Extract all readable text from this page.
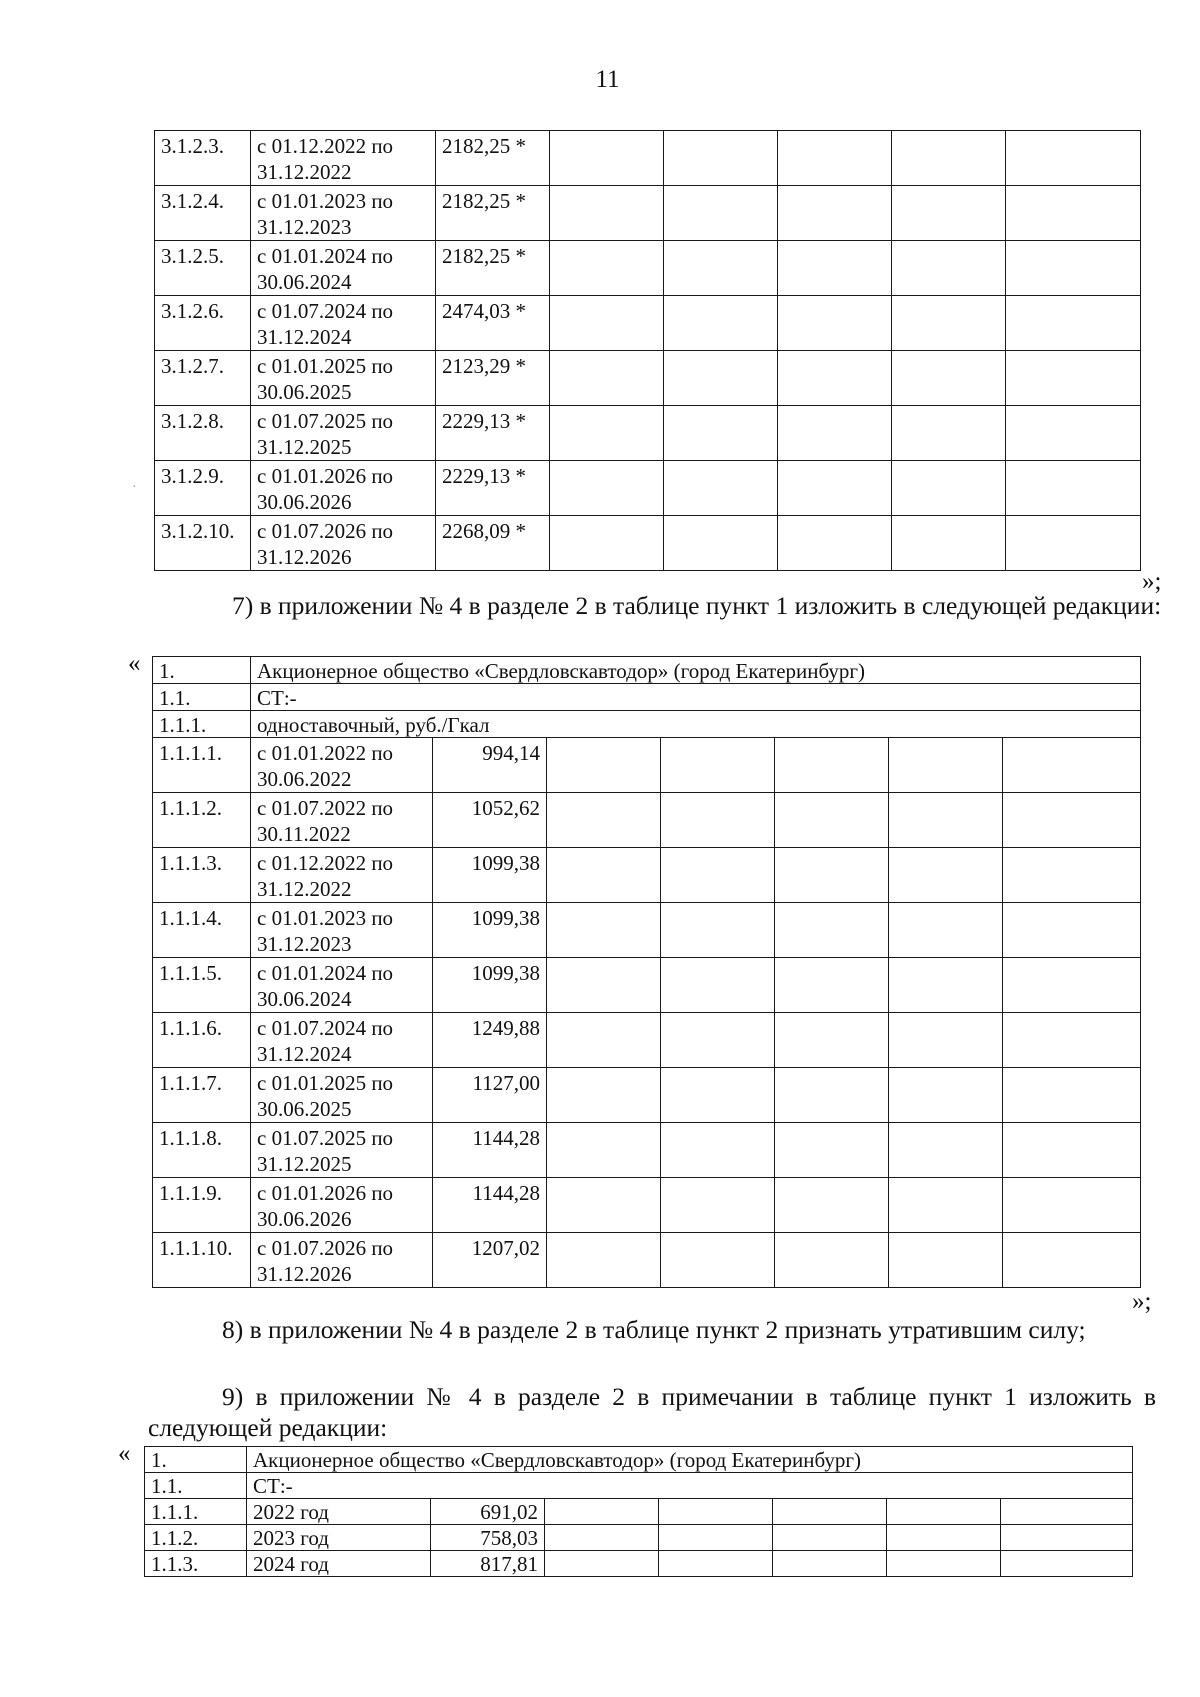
11
3.1.2.3.	с 01.12.2022 по 31.12.2022	2182,25 *					
3.1.2.4.	с 01.01.2023 по 31.12.2023	2182,25 *					
3.1.2.5.	с 01.01.2024 по 30.06.2024	2182,25 *					
3.1.2.6.	с 01.07.2024 по 31.12.2024	2474,03 *					
3.1.2.7.	с 01.01.2025 по 30.06.2025	2123,29 *					
3.1.2.8.	с 01.07.2025 по 31.12.2025	2229,13 *					
3.1.2.9.	с 01.01.2026 по 30.06.2026	2229,13 *					
3.1.2.10.	с 01.07.2026 по 31.12.2026	2268,09 *					
»;
7) в приложении № 4 в разделе 2 в таблице пункт 1 изложить в следующей редакции:
« 1.	Акционерное общество «Свердловскавтодор» (город Екатеринбург)						
1.1.	СТ:-						
1.1.1.	одноставочный, руб./Гкал						
1.1.1.1.	с 01.01.2022 по 30.06.2022	994,14					
1.1.1.2.	с 01.07.2022 по 30.11.2022	1052,62					
1.1.1.3.	с 01.12.2022 по 31.12.2022	1099,38					
1.1.1.4.	с 01.01.2023 по 31.12.2023	1099,38					
1.1.1.5.	с 01.01.2024 по 30.06.2024	1099,38					
1.1.1.6.	с 01.07.2024 по 31.12.2024	1249,88					
1.1.1.7.	с 01.01.2025 по 30.06.2025	1127,00					
1.1.1.8.	с 01.07.2025 по 31.12.2025	1144,28					
1.1.1.9.	с 01.01.2026 по 30.06.2026	1144,28					
1.1.1.10.	с 01.07.2026 по 31.12.2026	1207,02					
»;
8) в приложении № 4 в разделе 2 в таблице пункт 2 признать утратившим силу;
9) в приложении № 4 в разделе 2 в примечании в таблице пункт 1 изложить в следующей редакции:
« 1.	Акционерное общество «Свердловскавтодор» (город Екатеринбург)						
1.1.	СТ:-						
1.1.1.	2022 год	691,02					
1.1.2.	2023 год	758,03					
1.1.3.	2024 год	817,81					
·
